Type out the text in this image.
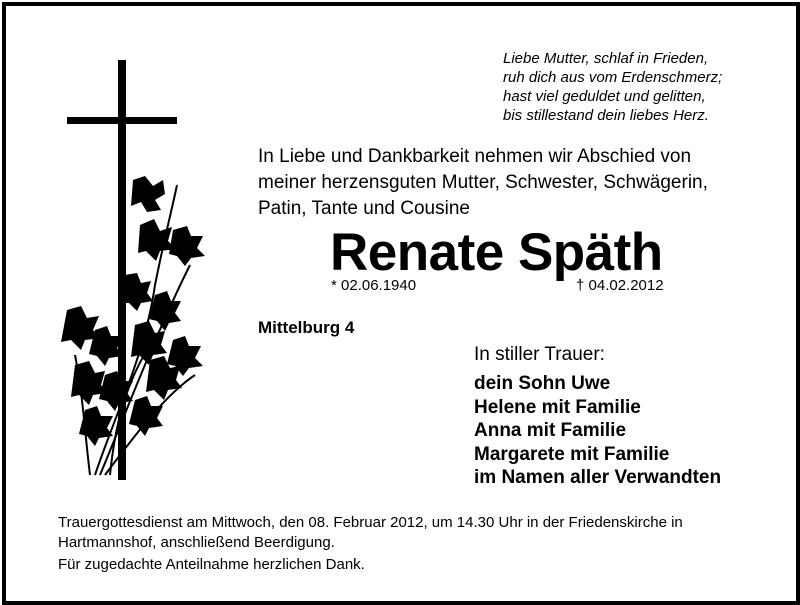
Liebe Mutter, schlaf in Frieden,
ruh dich aus vom Erdenschmerz;
hast viel geduldet und gelitten,
bis stillestand dein liebes Herz.
In Liebe und Dankbarkeit nehmen wir Abschied von
meiner herzensguten Mutter, Schwester, Schwägerin,
Patin, Tante und Cousine
Renate Späth
* 02.06.1940	† 04.02.2012
Mittelburg 4
In stiller Trauer:
dein Sohn Uwe
Helene mit Familie
Anna mit Familie
Margarete mit Familie
im Namen aller Verwandten
Trauergottesdienst am Mittwoch, den 08. Februar 2012, um 14.30 Uhr in der Friedenskirche in Hartmannshof, anschließend Beerdigung.
Für zugedachte Anteilnahme herzlichen Dank.
